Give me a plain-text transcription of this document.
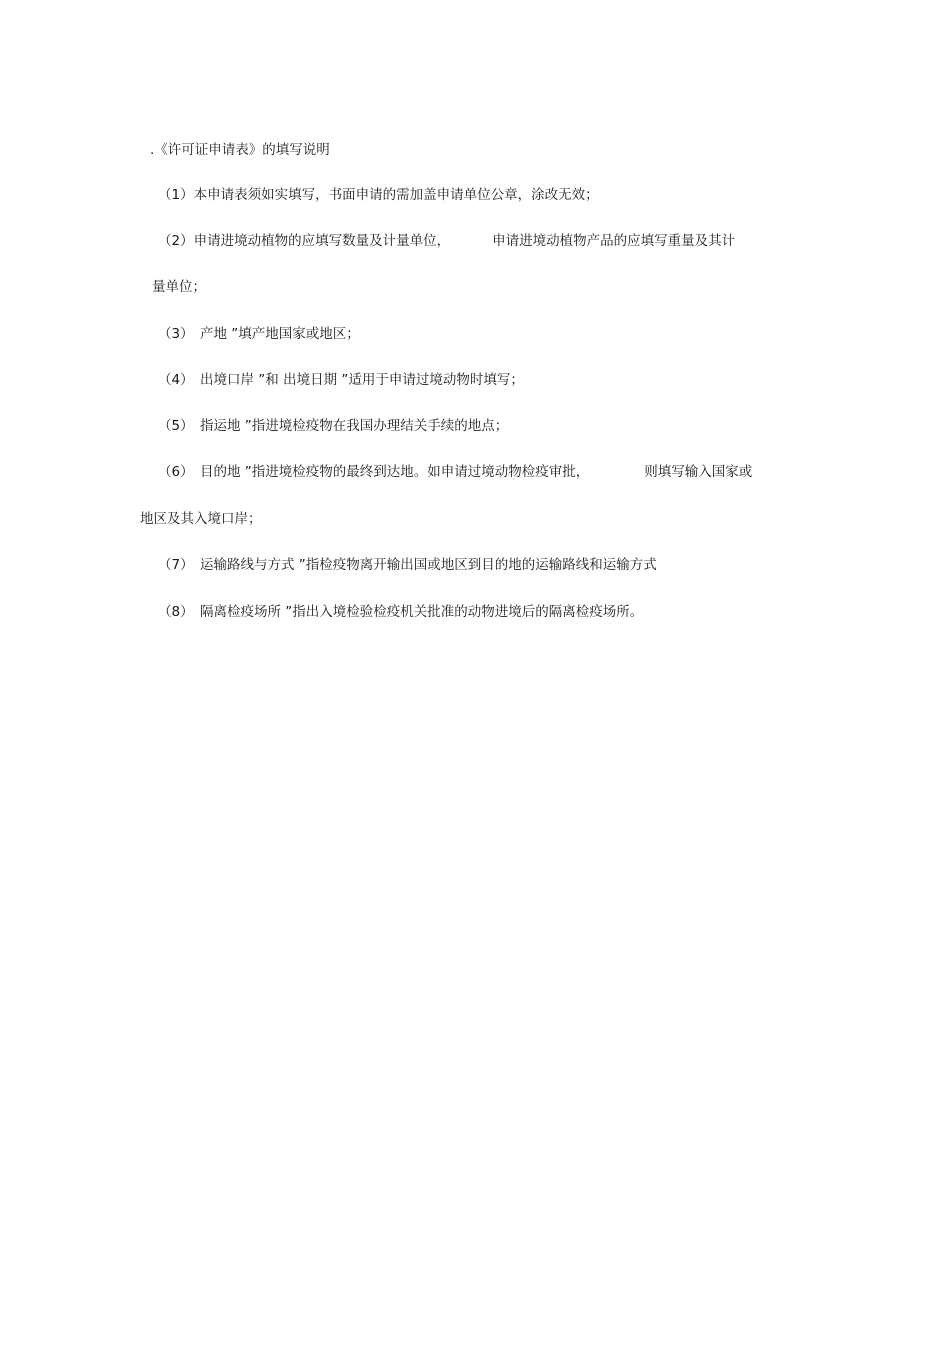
.《许可证申请表》的填写说明
（1）本申请表须如实填写，书面申请的需加盖申请单位公章，涂改无效；
（2）申请进境动植物的应填写数量及计量单位，	申请进境动植物产品的应填写重量及其计
量单位；
（3） 产地 ”填产地国家或地区；
（4） 出境口岸 ”和 出境日期 ”适用于申请过境动物时填写；
（5） 指运地 ”指进境检疫物在我国办理结关手续的地点；
（6） 目的地 ”指进境检疫物的最终到达地。如申请过境动物检疫审批，	则填写输入国家或
地区及其入境口岸；
（7） 运输路线与方式 ”指检疫物离开输出国或地区到目的地的运输路线和运输方式
（8） 隔离检疫场所 ”指出入境检验检疫机关批准的动物进境后的隔离检疫场所。
